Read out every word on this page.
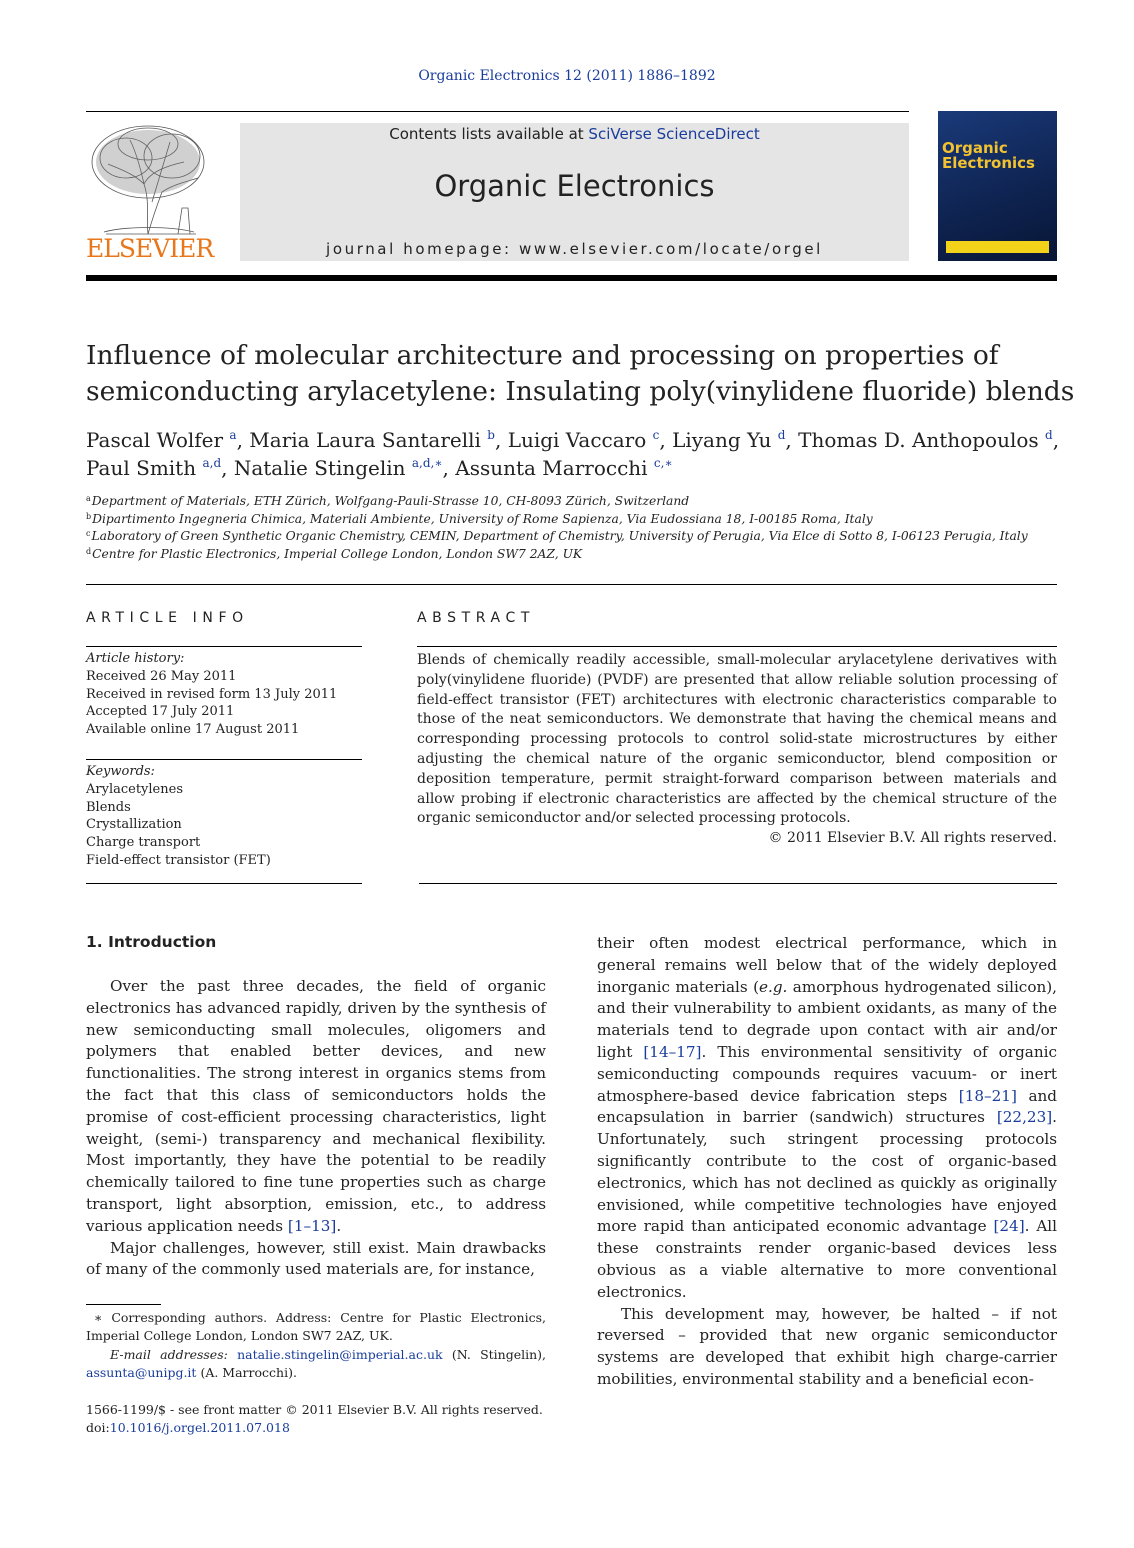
Organic Electronics 12 (2011) 1886–1892
ELSEVIER
Contents lists available at SciVerse ScienceDirect
Organic Electronics
journal homepage: www.elsevier.com/locate/orgel
Organic
Electronics
Influence of molecular architecture and processing on properties of semiconducting arylacetylene: Insulating poly(vinylidene fluoride) blends
Pascal Wolfer $^a$, Maria Laura Santarelli $^b$, Luigi Vaccaro $^c$, Liyang Yu $^d$, Thomas D. Anthopoulos $^d$,
Paul Smith $^{a,d}$, Natalie Stingelin $^{a,d,∗}$, Assunta Marrocchi $^{c,∗}$
$^a$Department of Materials, ETH Zürich, Wolfgang-Pauli-Strasse 10, CH-8093 Zürich, Switzerland
$^b$Dipartimento Ingegneria Chimica, Materiali Ambiente, University of Rome Sapienza, Via Eudossiana 18, I-00185 Roma, Italy
$^c$Laboratory of Green Synthetic Organic Chemistry, CEMIN, Department of Chemistry, University of Perugia, Via Elce di Sotto 8, I-06123 Perugia, Italy
$^d$Centre for Plastic Electronics, Imperial College London, London SW7 2AZ, UK
ARTICLE INFO
Article history:
Received 26 May 2011
Received in revised form 13 July 2011
Accepted 17 July 2011
Available online 17 August 2011
Keywords:
Arylacetylenes
Blends
Crystallization
Charge transport
Field-effect transistor (FET)
ABSTRACT
Blends of chemically readily accessible, small-molecular arylacetylene derivatives with poly(vinylidene fluoride) (PVDF) are presented that allow reliable solution processing of field-effect transistor (FET) architectures with electronic characteristics comparable to those of the neat semiconductors. We demonstrate that having the chemical means and corresponding processing protocols to control solid-state microstructures by either adjusting the chemical nature of the organic semiconductor, blend composition or deposition temperature, permit straight-forward comparison between materials and allow probing if electronic characteristics are affected by the chemical structure of the organic semiconductor and/or selected processing protocols.
© 2011 Elsevier B.V. All rights reserved.
1. Introduction

Over the past three decades, the field of organic electronics has advanced rapidly, driven by the synthesis of new semiconducting small molecules, oligomers and polymers that enabled better devices, and new functionalities. The strong interest in organics stems from the fact that this class of semiconductors holds the promise of cost-efficient processing characteristics, light weight, (semi-) transparency and mechanical flexibility. Most importantly, they have the potential to be readily chemically tailored to fine tune properties such as charge transport, light absorption, emission, etc., to address various application needs [1–13].

Major challenges, however, still exist. Main drawbacks of many of the commonly used materials are, for instance,

their often modest electrical performance, which in general remains well below that of the widely deployed inorganic materials (e.g. amorphous hydrogenated silicon), and their vulnerability to ambient oxidants, as many of the materials tend to degrade upon contact with air and/or light [14–17]. This environmental sensitivity of organic semiconducting compounds requires vacuum- or inert atmosphere-based device fabrication steps [18–21] and encapsulation in barrier (sandwich) structures [22,23]. Unfortunately, such stringent processing protocols significantly contribute to the cost of organic-based electronics, which has not declined as quickly as originally envisioned, while competitive technologies have enjoyed more rapid than anticipated economic advantage [24]. All these constraints render organic-based devices less obvious as a viable alternative to more conventional electronics.

This development may, however, be halted – if not reversed – provided that new organic semiconductor systems are developed that exhibit high charge-carrier mobilities, environmental stability and a beneficial econ-

∗ Corresponding authors. Address: Centre for Plastic Electronics, Imperial College London, London SW7 2AZ, UK.

E-mail addresses: natalie.stingelin@imperial.ac.uk (N. Stingelin), assunta@unipg.it (A. Marrocchi).

1566-1199/$ - see front matter © 2011 Elsevier B.V. All rights reserved.
doi:10.1016/j.orgel.2011.07.018
